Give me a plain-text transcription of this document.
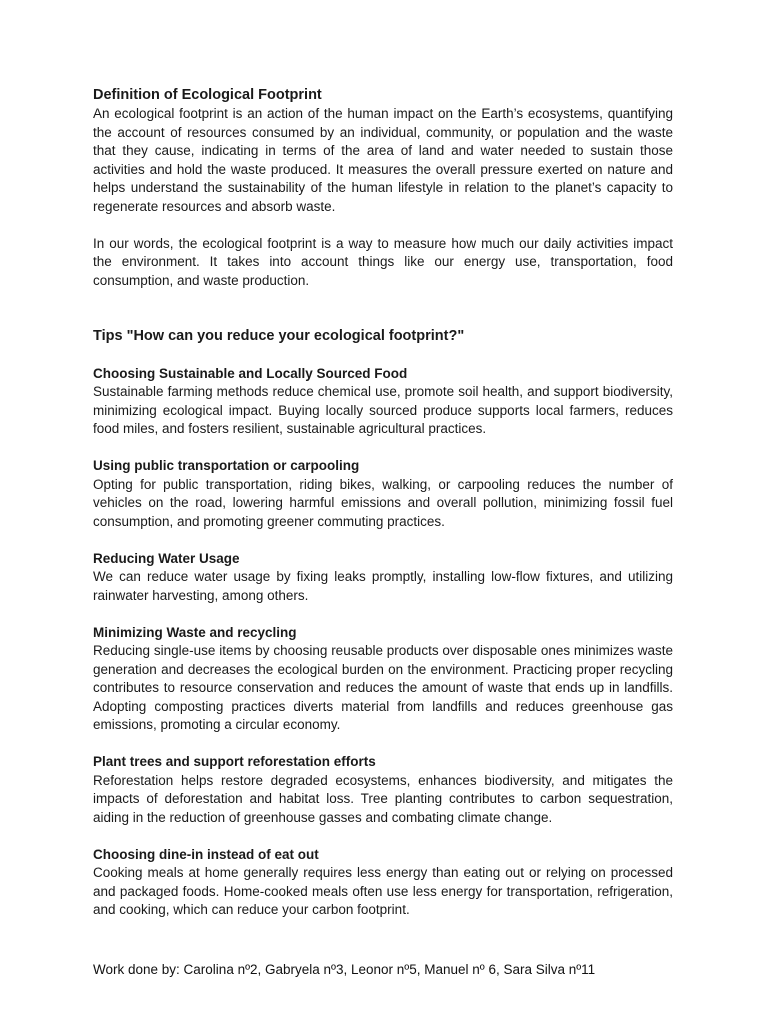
Definition of Ecological Footprint

An ecological footprint is an action of the human impact on the Earth’s ecosystems, quantifying the account of resources consumed by an individual, community, or population and the waste that they cause, indicating in terms of the area of land and water needed to sustain those activities and hold the waste produced. It measures the overall pressure exerted on nature and helps understand the sustainability of the human lifestyle in relation to the planet’s capacity to regenerate resources and absorb waste.

In our words, the ecological footprint is a way to measure how much our daily activities impact the environment. It takes into account things like our energy use, transportation, food consumption, and waste production.

Tips "How can you reduce your ecological footprint?"
Choosing Sustainable and Locally Sourced Food

Sustainable farming methods reduce chemical use, promote soil health, and support biodiversity, minimizing ecological impact. Buying locally sourced produce supports local farmers, reduces food miles, and fosters resilient, sustainable agricultural practices.

Using public transportation or carpooling

Opting for public transportation, riding bikes, walking, or carpooling reduces the number of vehicles on the road, lowering harmful emissions and overall pollution, minimizing fossil fuel consumption, and promoting greener commuting practices.

Reducing Water Usage

We can reduce water usage by fixing leaks promptly, installing low-flow fixtures, and utilizing rainwater harvesting, among others.

Minimizing Waste and recycling

Reducing single-use items by choosing reusable products over disposable ones minimizes waste generation and decreases the ecological burden on the environment. Practicing proper recycling contributes to resource conservation and reduces the amount of waste that ends up in landfills. Adopting composting practices diverts material from landfills and reduces greenhouse gas emissions, promoting a circular economy.

Plant trees and support reforestation efforts

Reforestation helps restore degraded ecosystems, enhances biodiversity, and mitigates the impacts of deforestation and habitat loss. Tree planting contributes to carbon sequestration, aiding in the reduction of greenhouse gasses and combating climate change.

Choosing dine-in instead of eat out

Cooking meals at home generally requires less energy than eating out or relying on processed and packaged foods. Home-cooked meals often use less energy for transportation, refrigeration, and cooking, which can reduce your carbon footprint.

Work done by: Carolina nº2, Gabryela nº3, Leonor nº5, Manuel nº 6, Sara Silva nº11
